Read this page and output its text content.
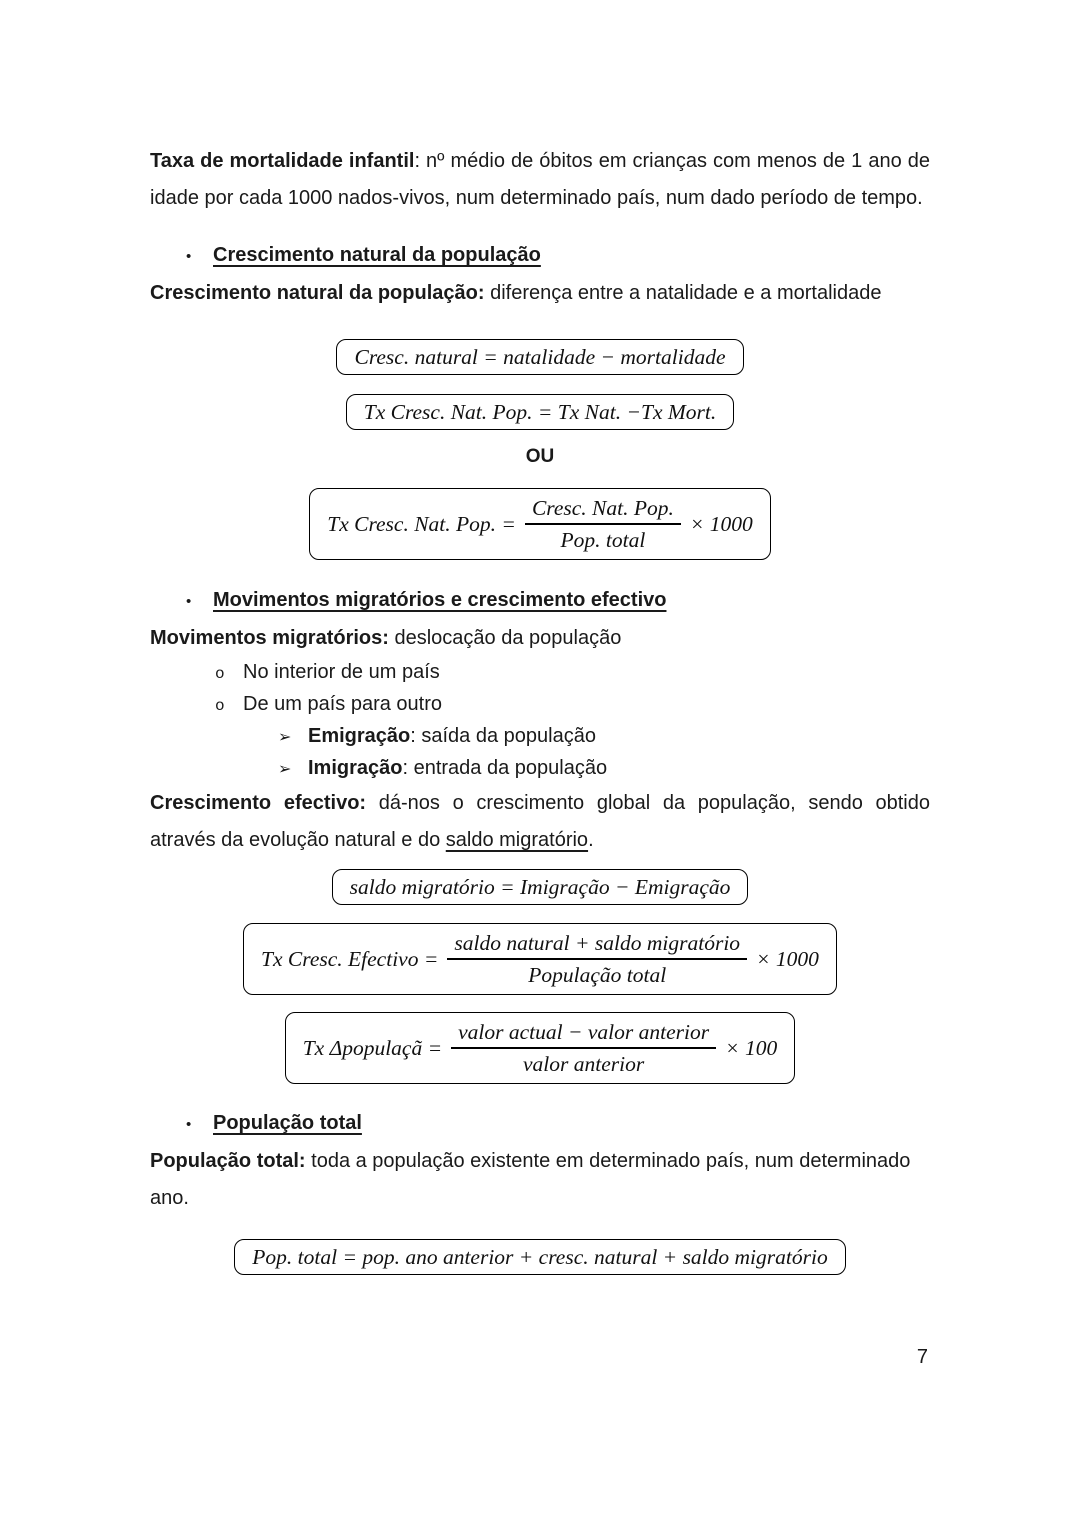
Taxa de mortalidade infantil: nº médio de óbitos em crianças com menos de 1 ano de idade por cada 1000 nados-vivos, num determinado país, num dado período de tempo.

•	Crescimento natural da população

Crescimento natural da população: diferença entre a natalidade e a mortalidade

Cresc. natural = natalidade − mortalidade
Tx Cresc. Nat. Pop. = Tx Nat. −Tx Mort.

OU

Tx Cresc. Nat. Pop. = $\frac{\text{Cresc. Nat. Pop.}}{\text{Pop. total}} \times 1000$
•	Movimentos migratórios e crescimento efectivo

Movimentos migratórios: deslocação da população

o No interior de um país
o De um país para outro
➢ Emigração: saída da população
➢ Imigração: entrada da população

Crescimento efectivo: dá-nos o crescimento global da população, sendo obtido através da evolução natural e do saldo migratório.

saldo migratório = Imigração − Emigração
Tx Cresc. Efectivo = $\frac{\text{saldo natural + saldo migratório}}{\text{População total}} \times 1000$
Tx Δpopulaçã = $\frac{\text{valor actual − valor anterior}}{\text{valor anterior}} \times 100$
•	População total

População total: toda a população existente em determinado país, num determinado ano.

Pop. total = pop. ano anterior + cresc. natural + saldo migratório
7
